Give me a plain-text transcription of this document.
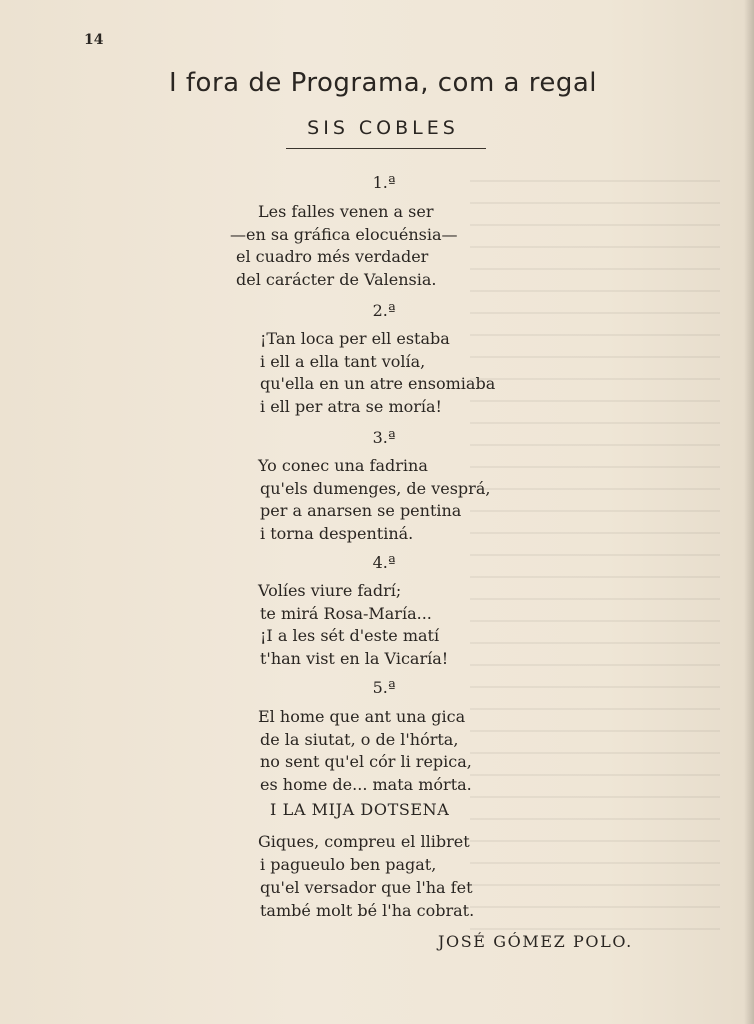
14
I fora de Programa, com a regal
SIS COBLES
1.ª
Les falles venen a ser
—en sa gráfica elocuénsia—
el cuadro més verdader
del carácter de Valensia.
2.ª
¡Tan loca per ell estaba
i ell a ella tant volía,
qu'ella en un atre ensomiaba
i ell per atra se moría!
3.ª
Yo conec una fadrina
qu'els dumenges, de vesprá,
per a anarsen se pentina
i torna despentiná.
4.ª
Volíes viure fadrí;
te mirá Rosa-María...
¡I a les sét d'este matí
t'han vist en la Vicaría!
5.ª
El home que ant una gica
de la siutat, o de l'hórta,
no sent qu'el cór li repica,
es home de... mata mórta.
I LA MIJA DOTSENA
Giques, compreu el llibret
i pagueulo ben pagat,
qu'el versador que l'ha fet
també molt bé l'ha cobrat.
JOSÉ GÓMEZ POLO.
